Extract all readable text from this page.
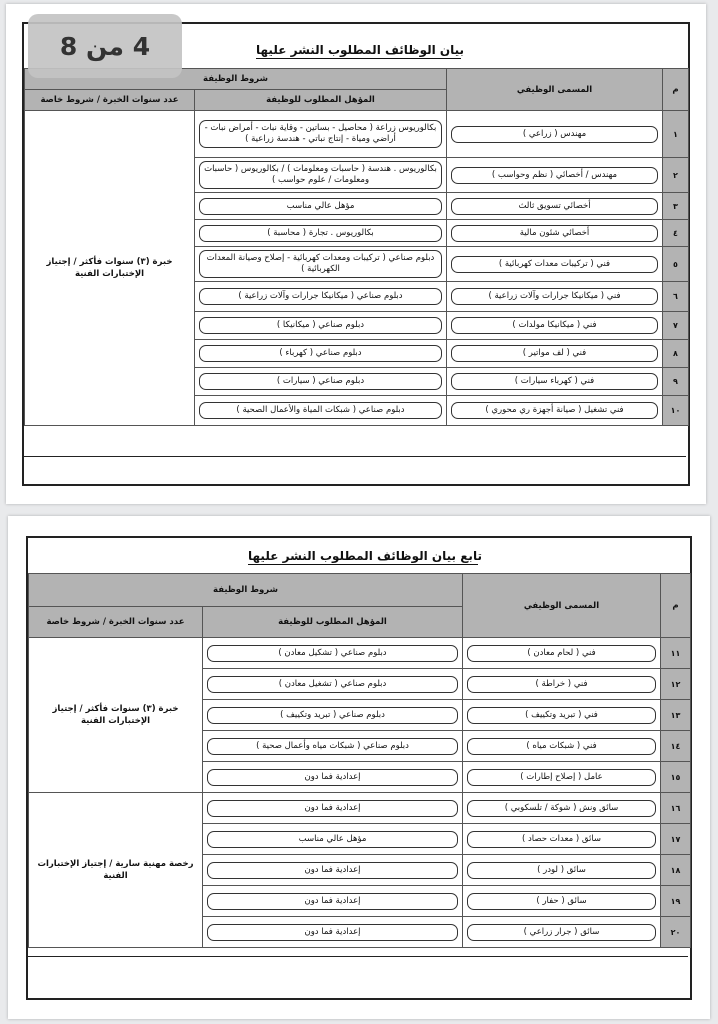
بيان الوظائف المطلوب النشر عليها
م	المسمى الوظيفي	شروط الوظيفة	
		المؤهل المطلوب للوظيفة	عدد سنوات الخبرة / شروط خاصة
١	مهندس ( زراعي )	بكالوريوس زراعة ( محاصيل - بساتين - وقاية نبات - أمراض نبات - أراضي ومياة - إنتاج نباتي - هندسة زراعية )	خبرة (٣) سنوات فأكثر / إجتياز الإختبارات الفنية
٢	مهندس / أخصائي ( نظم وحواسب )	بكالوريوس . هندسة ( حاسبات ومعلومات ) / بكالوريوس ( حاسبات ومعلومات / علوم حواسب )	

٣	أخصائي تسويق ثالث	مؤهل عالي مناسب	

٤	أخصائي شئون مالية	بكالوريوس . تجارة ( محاسبة )	

٥	فني ( تركيبات معدات كهربائية )	دبلوم صناعي ( تركيبات ومعدات كهربائية - إصلاح وصيانة المعدات الكهربائية )	

٦	فني ( ميكانيكا جرارات وآلات زراعية )	دبلوم صناعي ( ميكانيكا جرارات وآلات زراعية )	

٧	فني ( ميكانيكا مولدات )	دبلوم صناعي ( ميكانيكا )	

٨	فني ( لف مواتير )	دبلوم صناعي ( كهرباء )	

٩	فني ( كهرباء سيارات )	دبلوم صناعي ( سيارات )	

١٠	فني تشغيل ( صيانة أجهزة ري محوري )	دبلوم صناعي ( شبكات المياة والأعمال الصحية )	
تابع بيان الوظائف المطلوب النشر عليها
م	المسمى الوظيفي	شروط الوظيفة	
		المؤهل المطلوب للوظيفة	عدد سنوات الخبرة / شروط خاصة
١١	فني ( لحام معادن )	دبلوم صناعي ( تشكيل معادن )	خبرة (٣) سنوات فأكثر / إجتياز الإختبارات الفنية
١٢	فني ( خراطة )	دبلوم صناعي ( تشغيل معادن )	

١٣	فني ( تبريد وتكييف )	دبلوم صناعي ( تبريد وتكييف )	

١٤	فني ( شبكات مياه )	دبلوم صناعي ( شبكات مياه وأعمال صحية )	

١٥	عامل ( إصلاح إطارات )	إعدادية فما دون	

١٦	سائق ونش ( شوكة / تلسكوبي )	إعدادية فما دون	رخصة مهنية سارية / إجتياز الإختبارات الفنية
١٧	سائق ( معدات حصاد )	مؤهل عالي مناسب	

١٨	سائق ( لودر )	إعدادية فما دون	

١٩	سائق ( حفار )	إعدادية فما دون	

٢٠	سائق ( جرار زراعي )	إعدادية فما دون	
4 من 8
